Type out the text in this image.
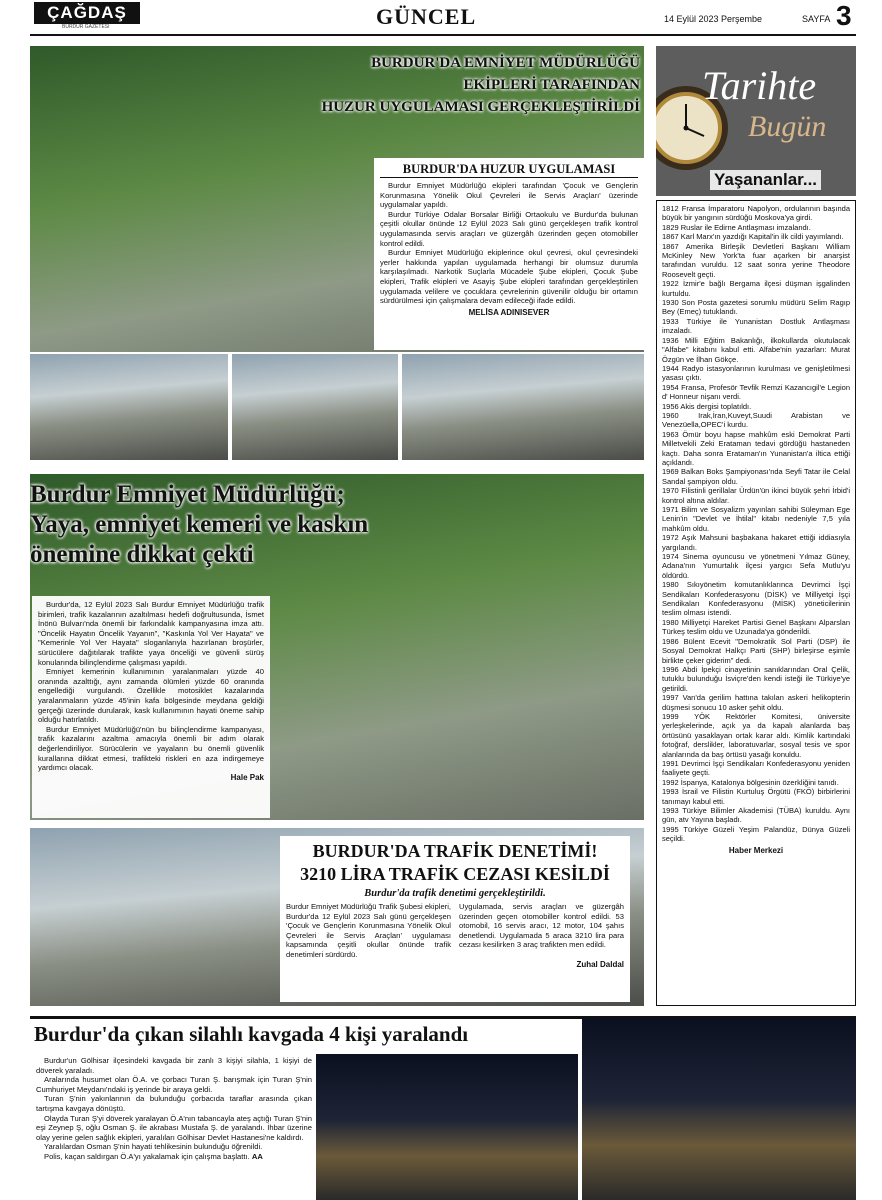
ÇAĞDAŞ
BURDUR GAZETESİ	GÜNCEL	14 Eylül 2023 Perşembe	SAYFA 3
BURDUR'DA EMNİYET MÜDÜRLÜĞÜ
EKİPLERİ TARAFINDAN
HUZUR UYGULAMASI GERÇEKLEŞTİRİLDİ
BURDUR'DA HUZUR UYGULAMASI

Burdur Emniyet Müdürlüğü ekipleri tarafından 'Çocuk ve Gençlerin Korunmasına Yönelik Okul Çevreleri ile Servis Araçları' üzerinde uygulamalar yapıldı.

Burdur Türkiye Odalar Borsalar Birliği Ortaokulu ve Burdur'da bulunan çeşitli okullar önünde 12 Eylül 2023 Salı günü gerçekleşen trafik kontrol uygulamasında servis araçları ve güzergâh üzerinden geçen otomobiller kontrol edildi.

Burdur Emniyet Müdürlüğü ekiplerince okul çevresi, okul çevresindeki yerler hakkında yapılan uygulamada herhangi bir olumsuz durumla karşılaşılmadı. Narkotik Suçlarla Mücadele Şube ekipleri, Çocuk Şube ekipleri, Trafik ekipleri ve Asayiş Şube ekipleri tarafından gerçekleştirilen uygulamada velilere ve çocuklara çevrelerinin güvenilir olduğu bir ortamın sürdürülmesi için çalışmalara devam edileceği ifade edildi.

MELİSA ADINISEVER
Burdur Emniyet Müdürlüğü;
Yaya, emniyet kemeri ve kaskın
önemine dikkat çekti

Burdur'da, 12 Eylül 2023 Salı Burdur Emniyet Müdürlüğü trafik birimleri, trafik kazalarının azaltılması hedefi doğrultusunda, İsmet İnönü Bulvarı'nda önemli bir farkındalık kampanyasına imza attı. "Öncelik Hayatın Öncelik Yayanın", "Kaskınla Yol Ver Hayata" ve "Kemerinle Yol Ver Hayata" sloganlarıyla hazırlanan broşürler, sürücülere dağıtılarak trafikte yaya önceliği ve güvenli sürüş konularında bilinçlendirme çalışması yapıldı.

Emniyet kemerinin kullanımının yaralanmaları yüzde 40 oranında azalttığı, aynı zamanda ölümleri yüzde 60 oranında engellediği vurgulandı. Özellikle motosiklet kazalarında yaralanmaların yüzde 45'inin kafa bölgesinde meydana geldiği gerçeği üzerinde durularak, kask kullanımının hayati öneme sahip olduğu hatırlatıldı.

Burdur Emniyet Müdürlüğü'nün bu bilinçlendirme kampanyası, trafik kazalarını azaltma amacıyla önemli bir adım olarak değerlendiriliyor. Sürücülerin ve yayaların bu önemli güvenlik kurallarına dikkat etmesi, trafikteki riskleri en aza indirgemeye yardımcı olacak.

Hale Pak
BURDUR'DA TRAFİK DENETİMİ!
3210 LİRA TRAFİK CEZASI KESİLDİ
Burdur'da trafik denetimi gerçekleştirildi.
Burdur Emniyet Müdürlüğü Trafik Şubesi ekipleri, Burdur'da 12 Eylül 2023 Salı günü gerçekleşen 'Çocuk ve Gençlerin Korunmasına Yönelik Okul Çevreleri ile Servis Araçları' uygulaması kapsamında çeşitli okullar önünde trafik denetimleri sürdürdü.
Uygulamada, servis araçları ve güzergâh üzerinden geçen otomobiller kontrol edildi. 53 otomobil, 16 servis aracı, 12 motor, 104 şahıs denetlendi. Uygulamada 5 araca 3210 lira para cezası kesilirken 3 araç trafikten men edildi.
Zuhal Daldal
Burdur'da çıkan silahlı kavgada 4 kişi yaralandı

Burdur'un Gölhisar ilçesindeki kavgada bir zanlı 3 kişiyi silahla, 1 kişiyi de döverek yaraladı.

Aralarında husumet olan Ö.A. ve çorbacı Turan Ş. barışmak için Turan Ş'nin Cumhuriyet Meydanı'ndaki iş yerinde bir araya geldi.

Turan Ş'nin yakınlarının da bulunduğu çorbacıda taraflar arasında çıkan tartışma kavgaya dönüştü.

Olayda Turan Ş'yi döverek yaralayan Ö.A'nın tabancayla ateş açtığı Turan Ş'nin eşi Zeynep Ş, oğlu Osman Ş. ile akrabası Mustafa Ş. de yaralandı. İhbar üzerine olay yerine gelen sağlık ekipleri, yaralıları Gölhisar Devlet Hastanesi'ne kaldırdı.

Yaralılardan Osman Ş'nin hayati tehlikesinin bulunduğu öğrenildi.

Polis, kaçan saldırgan Ö.A'yı yakalamak için çalışma başlattı. AA

Tarihte
Bugün
Yaşananlar...
1812 Fransa İmparatoru Napolyon, ordularının başında büyük bir yangının sürdüğü Moskova'ya girdi.
1829 Ruslar ile Edirne Antlaşması imzalandı.
1867 Karl Marx'ın yazdığı Kapital'in ilk cildi yayımlandı.
1867 Amerika Birleşik Devletleri Başkanı William McKinley New York'ta fuar açarken bir anarşist tarafından vuruldu. 12 saat sonra yerine Theodore Roosevelt geçti.
1922 İzmir'e bağlı Bergama ilçesi düşman işgalinden kurtuldu.
1930 Son Posta gazetesi sorumlu müdürü Selim Ragıp Bey (Emeç) tutuklandı.
1933 Türkiye ile Yunanistan Dostluk Antlaşması imzaladı.
1936 Milli Eğitim Bakanlığı, ilkokullarda okutulacak "Alfabe" kitabını kabul etti. Alfabe'nin yazarları: Murat Özgün ve İlhan Gökçe.
1944 Radyo istasyonlarının kurulması ve genişletilmesi yasası çıktı.
1954 Fransa, Profesör Tevfik Remzi Kazancıgil'e Legion d' Honneur nişanı verdi.
1956 Akis dergisi toplatıldı.
1960 Irak,İran,Kuveyt,Suudi Arabistan ve Venezüella,OPEC'i kurdu.
1963 Ömür boyu hapse mahkûm eski Demokrat Parti Milletvekili Zeki Erataman tedavi gördüğü hastaneden kaçtı. Daha sonra Erataman'ın Yunanistan'a iltica ettiği açıklandı.
1969 Balkan Boks Şampiyonası'nda Seyfi Tatar ile Celal Sandal şampiyon oldu.
1970 Filistinli gerillalar Ürdün'ün ikinci büyük şehri İrbid'i kontrol altına aldılar.
1971 Bilim ve Sosyalizm yayınları sahibi Süleyman Ege Lenin'in "Devlet ve İhtilal" kitabı nedeniyle 7,5 yıla mahkûm oldu.
1972 Aşık Mahsuni başbakana hakaret ettiği iddiasıyla yargılandı.
1974 Sinema oyuncusu ve yönetmeni Yılmaz Güney, Adana'nın Yumurtalık ilçesi yargıcı Sefa Mutlu'yu öldürdü.
1980 Sıkıyönetim komutanlıklarınca Devrimci İşçi Sendikaları Konfederasyonu (DİSK) ve Milliyetçi İşçi Sendikaları Konfederasyonu (MİSK) yöneticilerinin teslim olması istendi.
1980 Milliyetçi Hareket Partisi Genel Başkanı Alparslan Türkeş teslim oldu ve Uzunada'ya gönderildi.
1986 Bülent Ecevit "Demokratik Sol Parti (DSP) ile Sosyal Demokrat Halkçı Parti (SHP) birleşirse eşimle birlikte çeker giderim" dedi.
1996 Abdi İpekçi cinayetinin sanıklarından Oral Çelik, tutuklu bulunduğu İsviçre'den kendi isteği ile Türkiye'ye getirildi.
1997 Van'da gerilim hattına takılan askeri helikopterin düşmesi sonucu 10 asker şehit oldu.
1999 YÖK Rektörler Komitesi, üniversite yerleşkelerinde, açık ya da kapalı alanlarda baş örtüsünü yasaklayan ortak karar aldı. Kimlik kartındaki fotoğraf, derslikler, laboratuvarlar, sosyal tesis ve spor alanlarında da baş örtüsü yasağı konuldu.
1991 Devrimci İşçi Sendikaları Konfederasyonu yeniden faaliyete geçti.
1992 İspanya, Katalonya bölgesinin özerkliğini tanıdı.
1993 İsrail ve Filistin Kurtuluş Örgütü (FKÖ) birbirlerini tanımayı kabul etti.
1993 Türkiye Bilimler Akademisi (TÜBA) kuruldu. Aynı gün, atv Yayına başladı.
1995 Türkiye Güzeli Yeşim Palandüz, Dünya Güzeli seçildi.
Haber Merkezi
